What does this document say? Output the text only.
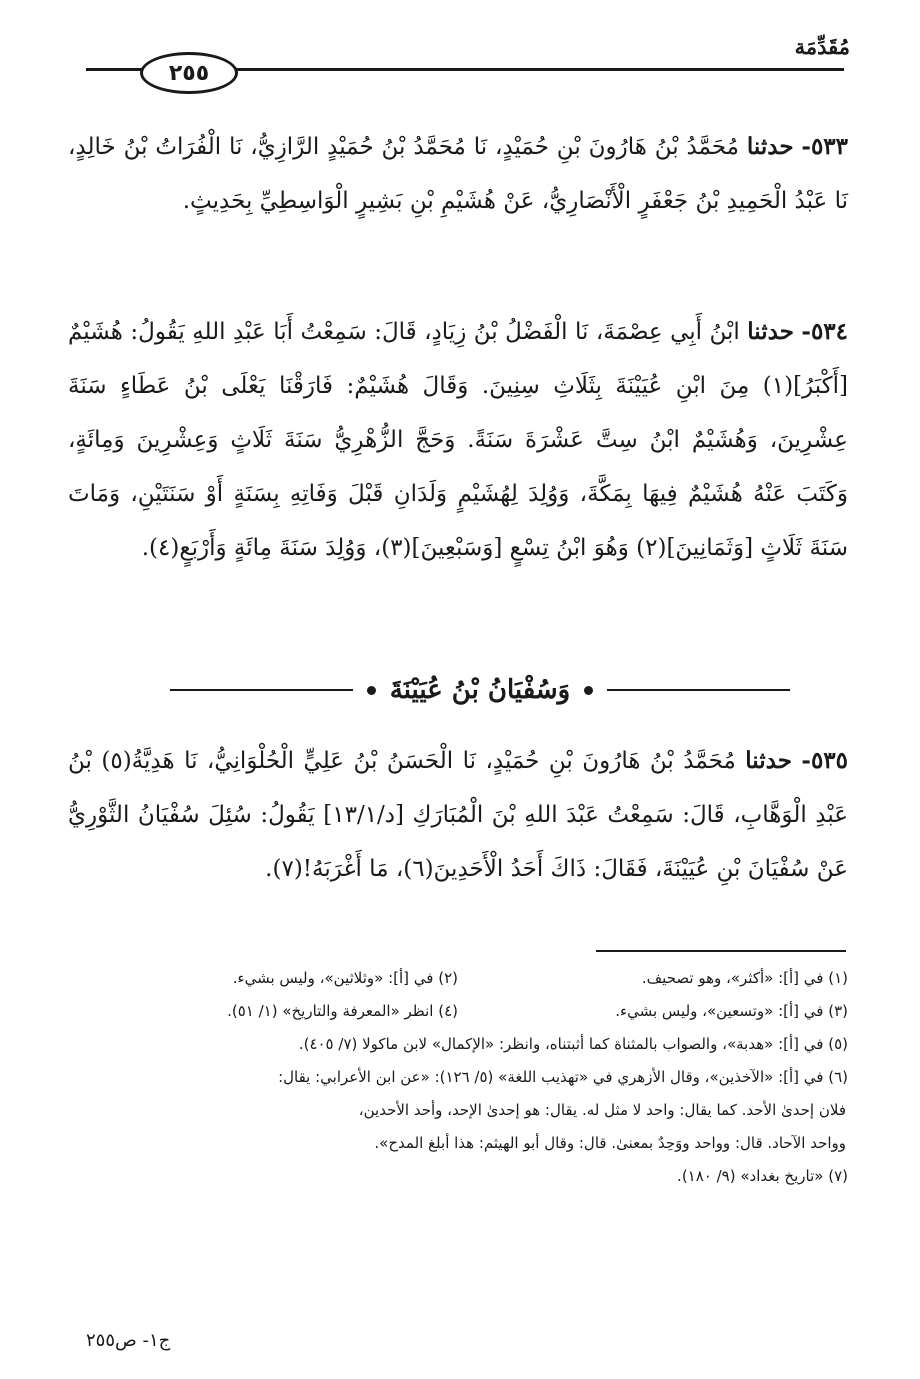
مُقَدِّمَة
٢٥٥

٥٣٣- حدثنا مُحَمَّدُ بْنُ هَارُونَ بْنِ حُمَيْدٍ، نَا مُحَمَّدُ بْنُ حُمَيْدٍ الرَّازِيُّ، نَا الْفُرَاتُ بْنُ خَالِدٍ، نَا عَبْدُ الْحَمِيدِ بْنُ جَعْفَرٍ الْأَنْصَارِيُّ، عَنْ هُشَيْمِ بْنِ بَشِيرٍ الْوَاسِطِيِّ بِحَدِيثٍ.

٥٣٤- حدثنا ابْنُ أَبِي عِصْمَةَ، نَا الْفَضْلُ بْنُ زِيَادٍ، قَالَ: سَمِعْتُ أَبَا عَبْدِ اللهِ يَقُولُ: هُشَيْمٌ [أَكْبَرُ](١) مِنَ ابْنِ عُيَيْنَةَ بِثَلَاثِ سِنِينَ. وَقَالَ هُشَيْمٌ: فَارَقْنَا يَعْلَى بْنُ عَطَاءٍ سَنَةَ عِشْرِينَ، وَهُشَيْمٌ ابْنُ سِتَّ عَشْرَةَ سَنَةً. وَحَجَّ الزُّهْرِيُّ سَنَةَ ثَلَاثٍ وَعِشْرِينَ وَمِائَةٍ، وَكَتَبَ عَنْهُ هُشَيْمٌ فِيهَا بِمَكَّةَ، وَوُلِدَ لِهُشَيْمٍ وَلَدَانِ قَبْلَ وَفَاتِهِ بِسَنَةٍ أَوْ سَنَتَيْنِ، وَمَاتَ سَنَةَ ثَلَاثٍ [وَثَمَانِينَ](٢) وَهُوَ ابْنُ تِسْعٍ [وَسَبْعِينَ](٣)، وَوُلِدَ سَنَةَ مِائَةٍ وَأَرْبَعٍ(٤).

وَسُفْيَانُ بْنُ عُيَيْنَةَ

٥٣٥- حدثنا مُحَمَّدُ بْنُ هَارُونَ بْنِ حُمَيْدٍ، نَا الْحَسَنُ بْنُ عَلِيٍّ الْحُلْوَانِيُّ، نَا هَدِيَّةُ(٥) بْنُ عَبْدِ الْوَهَّابِ، قَالَ: سَمِعْتُ عَبْدَ اللهِ بْنَ الْمُبَارَكِ [د/١٣/١] يَقُولُ: سُئِلَ سُفْيَانُ الثَّوْرِيُّ عَنْ سُفْيَانَ بْنِ عُيَيْنَةَ، فَقَالَ: ذَاكَ أَحَدُ الْأَحَدِينَ(٦)، مَا أَغْرَبَهُ!(٧).

(١) في [أ]: «أكثر»، وهو تصحيف.
(٢) في [أ]: «وثلاثين»، وليس بشيء.
(٣) في [أ]: «وتسعين»، وليس بشيء.
(٤) انظر «المعرفة والتاريخ» (١/ ٥١).
(٥) في [أ]: «هدبة»، والصواب بالمثناة كما أثبتناه، وانظر: «الإكمال» لابن ماكولا (٧/ ٤٠٥).
(٦) في [أ]: «الآخذين»، وقال الأزهري في «تهذيب اللغة» (٥/ ١٢٦): «عن ابن الأعرابي: يقال:
فلان إحدىٰ الأحد. كما يقال: واحد لا مثل له. يقال: هو إحدىٰ الإحد، وأحد الأحدين،
وواحد الآحاد. قال: وواحد ووَحِدٌ بمعنىٰ. قال: وقال أبو الهيثم: هذا أبلغ المدح».
(٧) «تاريخ بغداد» (٩/ ١٨٠).
ج١- ص٢٥٥
